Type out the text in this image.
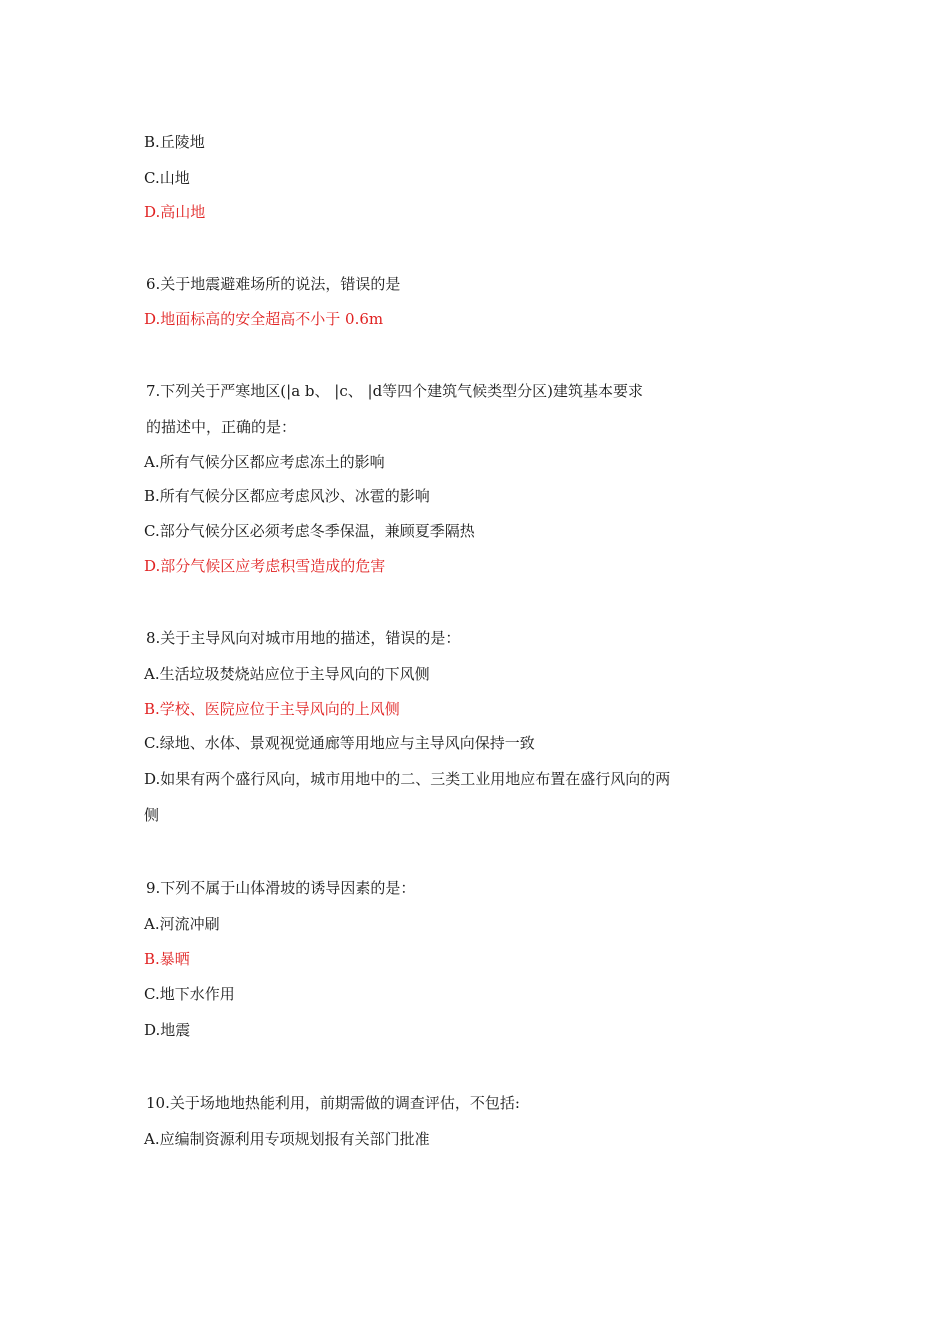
B.丘陵地
C.山地
D.高山地
6.关于地震避难场所的说法，错误的是
D.地面标高的安全超高不小于 0.6m
7.下列关于严寒地区(|a b、 |c、 |d等四个建筑气候类型分区)建筑基本要求
的描述中，正确的是：
A.所有气候分区都应考虑冻土的影响
B.所有气候分区都应考虑风沙、冰雹的影响
C.部分气候分区必须考虑冬季保温，兼顾夏季隔热
D.部分气候区应考虑积雪造成的危害
8.关于主导风向对城市用地的描述，错误的是：
A.生活垃圾焚烧站应位于主导风向的下风侧
B.学校、医院应位于主导风向的上风侧
C.绿地、水体、景观视觉通廊等用地应与主导风向保持一致
D.如果有两个盛行风向，城市用地中的二、三类工业用地应布置在盛行风向的两
侧
9.下列不属于山体滑坡的诱导因素的是：
A.河流冲刷
B.暴晒
C.地下水作用
D.地震
10.关于场地地热能利用，前期需做的调查评估，不包括:
A.应编制资源利用专项规划报有关部门批准
